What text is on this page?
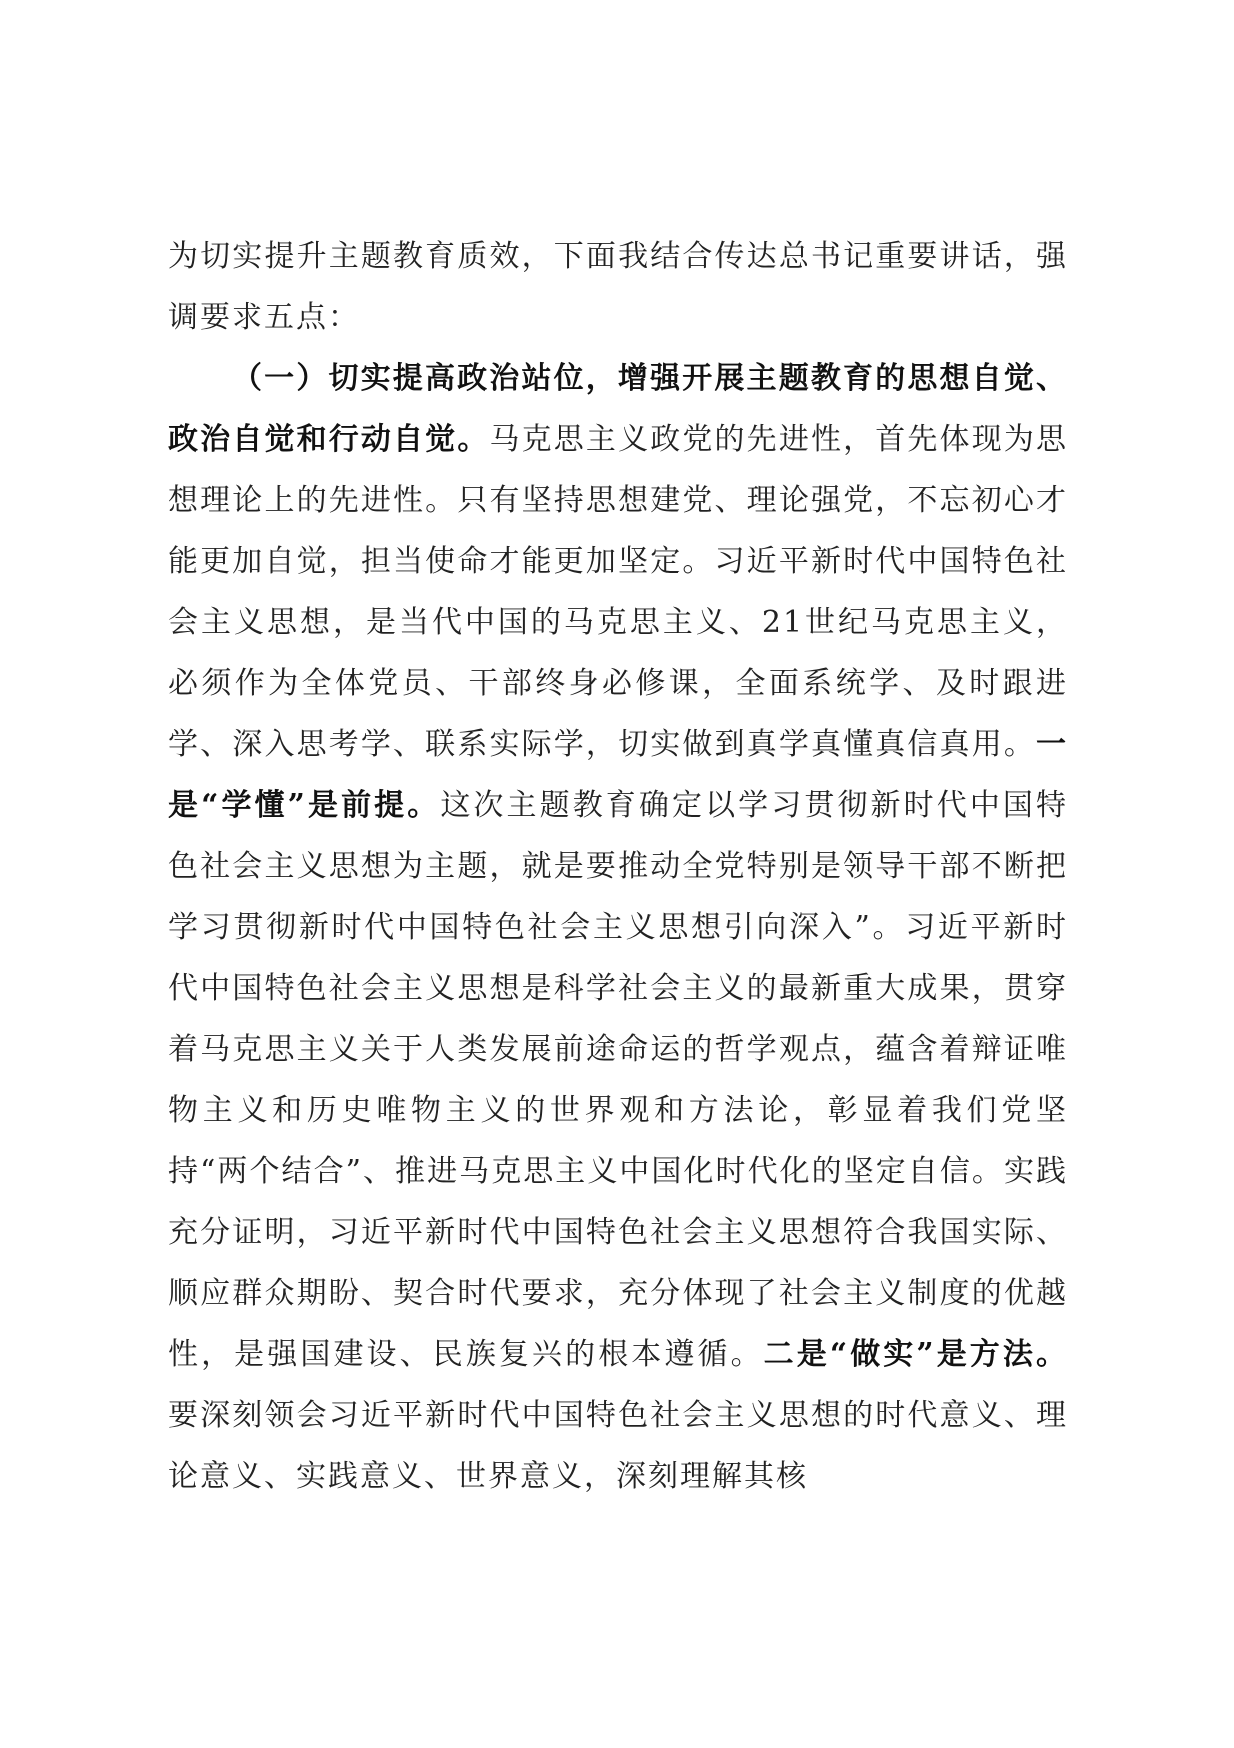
为切实提升主题教育质效，下面我结合传达总书记重要讲话，强调要求五点：

（一）切实提高政治站位，增强开展主题教育的思想自觉、政治自觉和行动自觉。马克思主义政党的先进性，首先体现为思想理论上的先进性。只有坚持思想建党、理论强党，不忘初心才能更加自觉，担当使命才能更加坚定。习近平新时代中国特色社会主义思想，是当代中国的马克思主义、21世纪马克思主义，必须作为全体党员、干部终身必修课，全面系统学、及时跟进学、深入思考学、联系实际学，切实做到真学真懂真信真用。一是“学懂”是前提。这次主题教育确定以学习贯彻新时代中国特色社会主义思想为主题，就是要推动全党特别是领导干部不断把学习贯彻新时代中国特色社会主义思想引向深入”。习近平新时代中国特色社会主义思想是科学社会主义的最新重大成果，贯穿着马克思主义关于人类发展前途命运的哲学观点，蕴含着辩证唯物主义和历史唯物主义的世界观和方法论，彰显着我们党坚持“两个结合”、推进马克思主义中国化时代化的坚定自信。实践充分证明，习近平新时代中国特色社会主义思想符合我国实际、顺应群众期盼、契合时代要求，充分体现了社会主义制度的优越性，是强国建设、民族复兴的根本遵循。二是“做实”是方法。要深刻领会习近平新时代中国特色社会主义思想的时代意义、理论意义、实践意义、世界意义，深刻理解其核
